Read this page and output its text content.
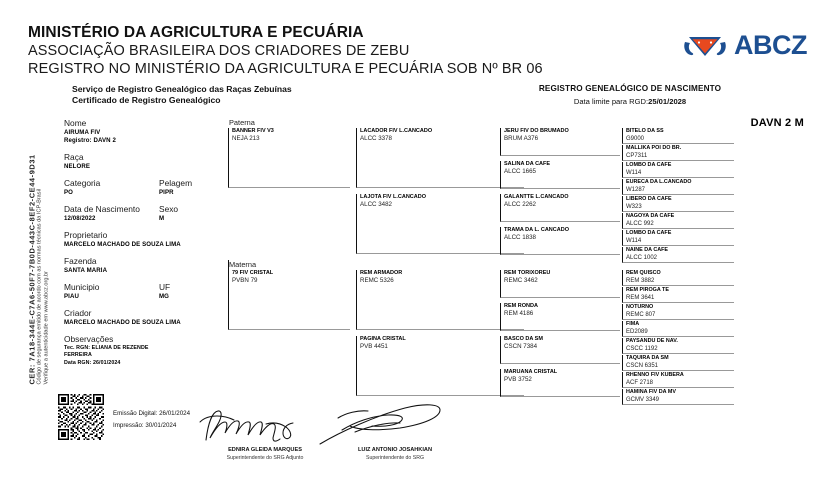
MINISTÉRIO DA AGRICULTURA E PECUÁRIA
ASSOCIAÇÃO BRASILEIRA DOS CRIADORES DE ZEBU
REGISTRO NO MINISTÉRIO DA AGRICULTURA E PECUÁRIA SOB Nº BR 06
ABCZ
Serviço de Registro Genealógico das Raças Zebuínas
Certificado de Registro Genealógico
REGISTRO GENEALÓGICO DE NASCIMENTO
Data limite para RGD:25/01/2028
CER: 7A18-344E-C7A6-50F7-7B0D-443C-8EF2-CE44-9D31 Código de segurança emitido de acordo com as normas técnicas da ICP-Brasil Verifique a autenticidade em www.abcz.org.br
Nome
AIRUMA FIV
Registro: DAVN 2
Raça
NELORE
Categoria
PO
Pelagem
PIPR
Data de Nascimento
12/08/2022
Sexo
M
Proprietario
MARCELO MACHADO DE SOUZA LIMA
Fazenda
SANTA MARIA
Municipio
PIAU
UF
MG
Criador
MARCELO MACHADO DE SOUZA LIMA
Observações
Tec. RGN: ELIANA DE REZENDE
FERREIRA
Data RGN: 26/01/2024
DAVN 2 M
Paterna
BANNER FIV V3
NEJA 213
LACADOR FIV L.CANCADO
ALCC 3378
LAJOTA FIV L.CANCADO
ALCC 3482
JERU FIV DO BRUMADO
BRUM A376
SALINA DA CAFE
ALCC 1665
GALANTTE L.CANCADO
ALCC 2262
TRAMA DA L. CANCADO
ALCC 1838
BITELO DA SS
G9000
MALLIKA POI DO BR.
CP7311
LOMBO DA CAFE
W114
EURECA DA L.CANCADO
W1287
LIBERO DA CAFE
W323
NAGOYA DA CAFE
ALCC 992
LOMBO DA CAFE
W114
NAINE DA CAFE
ALCC 1002
Materna
79 FIV CRISTAL
PVBN 79
REM ARMADOR
REMC 5326
PAGINA CRISTAL
PVB 4451
REM TORIXOREU
REMC 3462
REM RONDA
REM 4186
BASCO DA SM
CSCN 7384
MARUANA CRISTAL
PVB 3752
REM QUISCO
REM 3882
REM PIROGA TE
REM 3641
NOTURNO
REMC 807
FIMA
ED2089
PAYSANDU DE NAV.
CSCC 1192
TAQUIRA DA SM
CSCN 6351
RHENNO FIV KUBERA
ACF 2718
HAMINA FIV DA MV
GCMV 3349
Emissão Digital: 26/01/2024
Impressão: 30/01/2024
EDNIRA GLEIDA MARQUES
Superintendente do SRG Adjunto
LUIZ ANTONIO JOSAHKIAN
Superintendente do SRG
